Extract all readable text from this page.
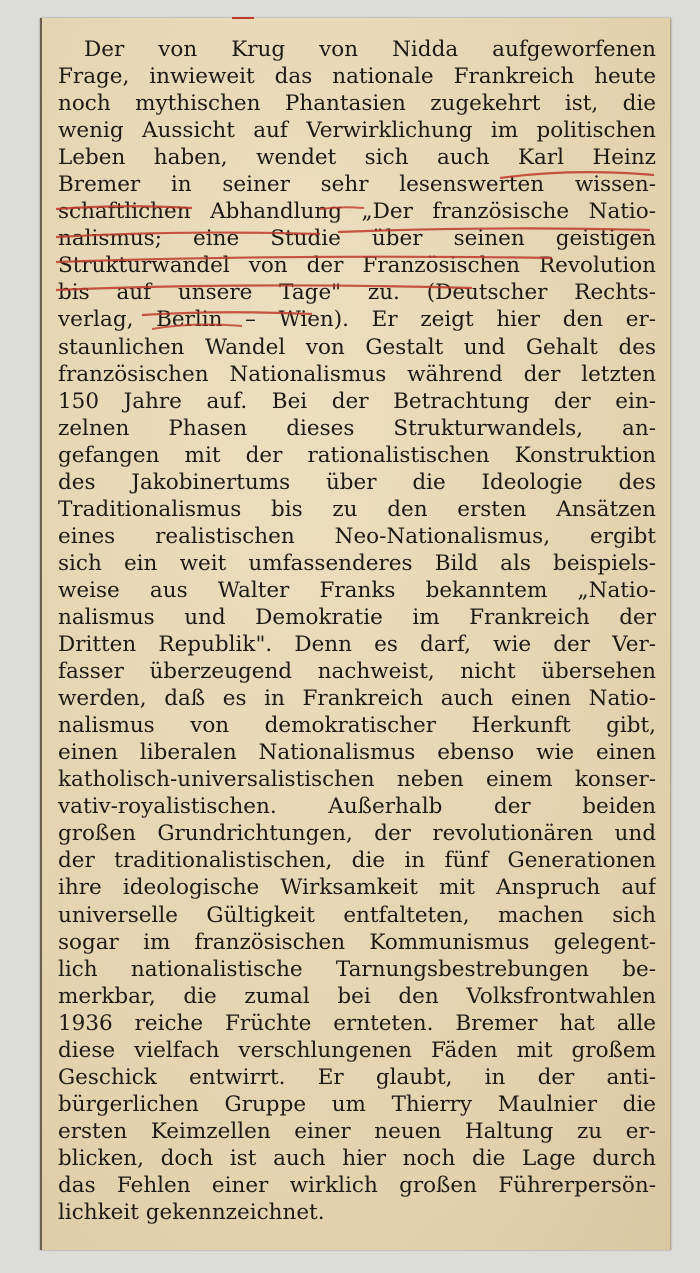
Der von Krug von Nidda aufgeworfenen
Frage, inwieweit das nationale Frankreich heute
noch mythischen Phantasien zugekehrt ist, die
wenig Aussicht auf Verwirklichung im politischen
Leben haben, wendet sich auch Karl Heinz
Bremer in seiner sehr lesenswerten wissen-
schaftlichen Abhandlung „Der französische Natio-
nalismus; eine Studie über seinen geistigen
Strukturwandel von der Französischen Revolution
bis auf unsere Tage" zu. (Deutscher Rechts-
verlag, Berlin – Wien). Er zeigt hier den er-
staunlichen Wandel von Gestalt und Gehalt des
französischen Nationalismus während der letzten
150 Jahre auf. Bei der Betrachtung der ein-
zelnen Phasen dieses Strukturwandels, an-
gefangen mit der rationalistischen Konstruktion
des Jakobinertums über die Ideologie des
Traditionalismus bis zu den ersten Ansätzen
eines realistischen Neo-Nationalismus, ergibt
sich ein weit umfassenderes Bild als beispiels-
weise aus Walter Franks bekanntem „Natio-
nalismus und Demokratie im Frankreich der
Dritten Republik". Denn es darf, wie der Ver-
fasser überzeugend nachweist, nicht übersehen
werden, daß es in Frankreich auch einen Natio-
nalismus von demokratischer Herkunft gibt,
einen liberalen Nationalismus ebenso wie einen
katholisch-universalistischen neben einem konser-
vativ-royalistischen. Außerhalb der beiden
großen Grundrichtungen, der revolutionären und
der traditionalistischen, die in fünf Generationen
ihre ideologische Wirksamkeit mit Anspruch auf
universelle Gültigkeit entfalteten, machen sich
sogar im französischen Kommunismus gelegent-
lich nationalistische Tarnungsbestrebungen be-
merkbar, die zumal bei den Volksfrontwahlen
1936 reiche Früchte ernteten. Bremer hat alle
diese vielfach verschlungenen Fäden mit großem
Geschick entwirrt. Er glaubt, in der anti-
bürgerlichen Gruppe um Thierry Maulnier die
ersten Keimzellen einer neuen Haltung zu er-
blicken, doch ist auch hier noch die Lage durch
das Fehlen einer wirklich großen Führerpersön-
lichkeit gekennzeichnet.
